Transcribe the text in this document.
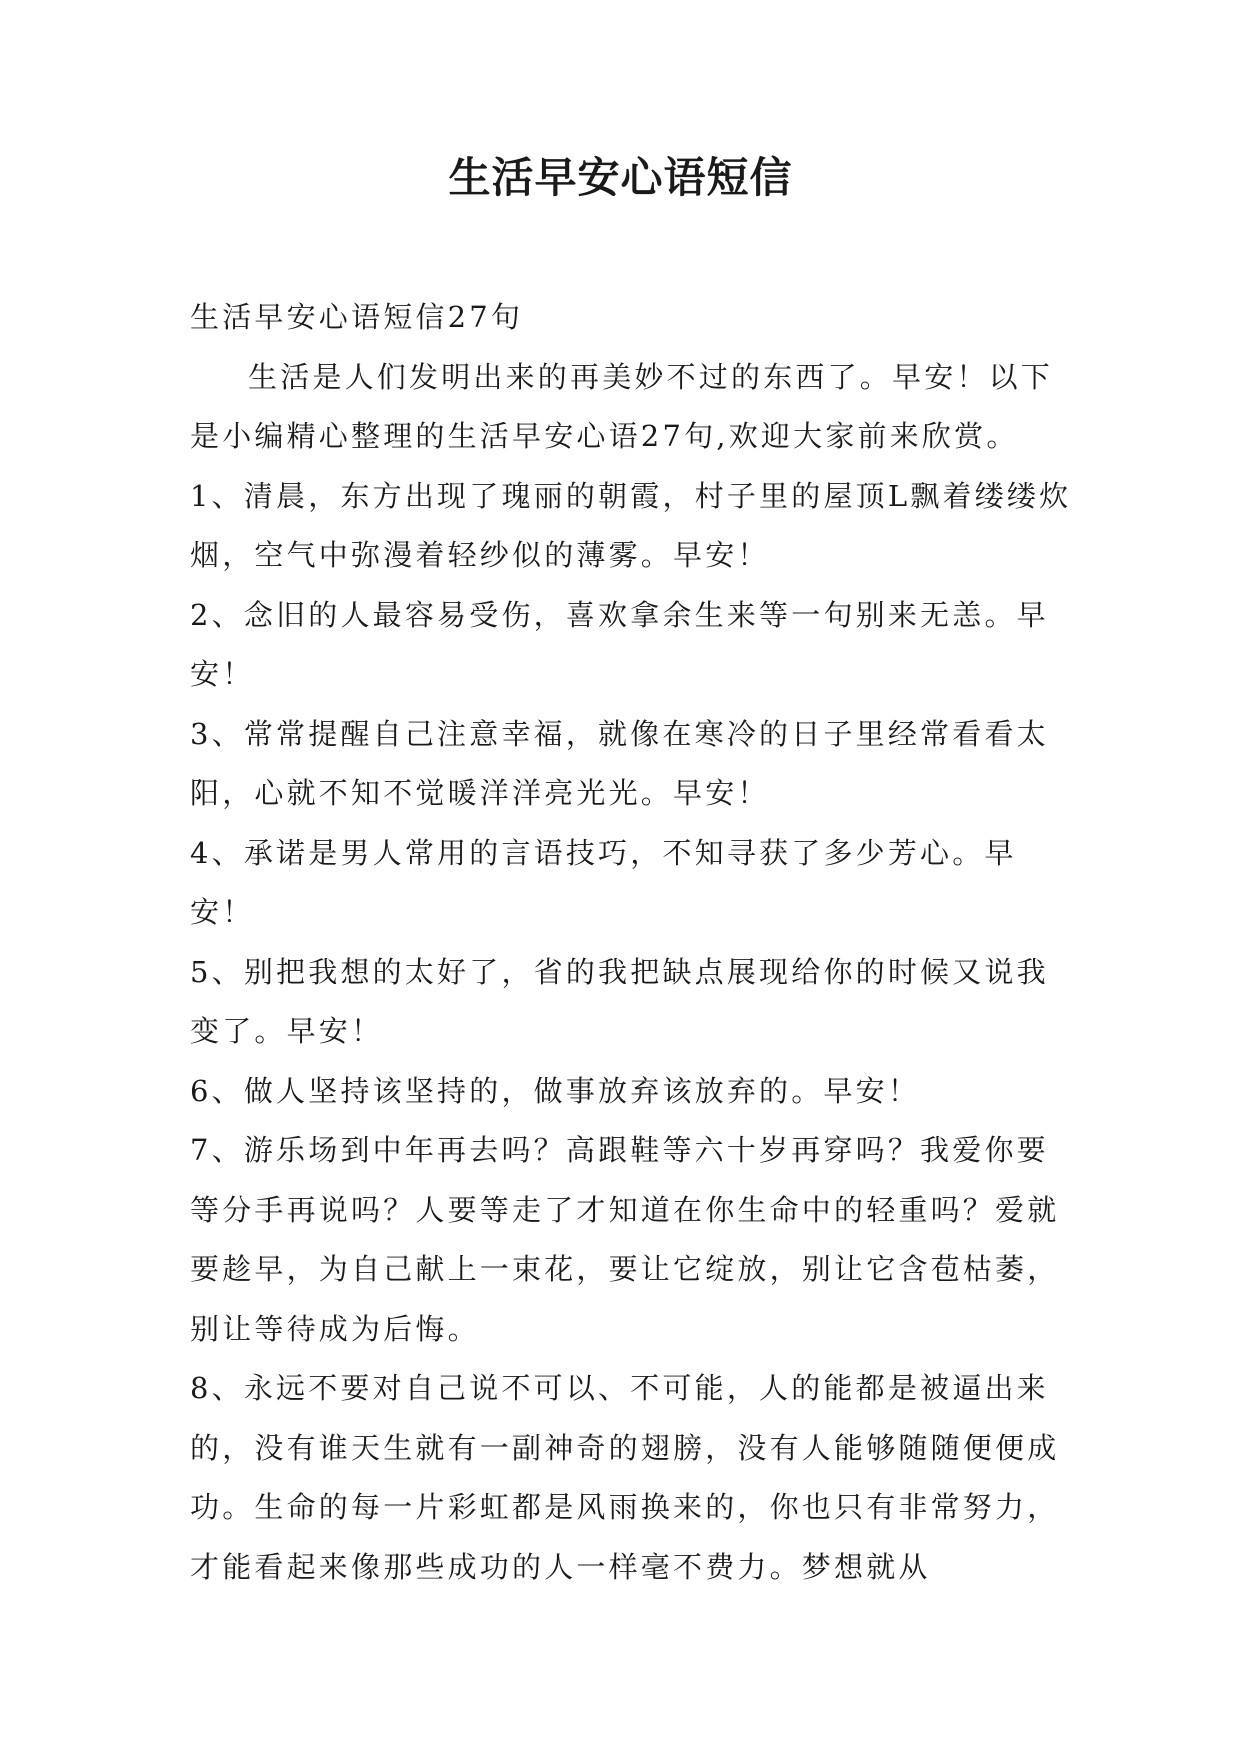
生活早安心语短信

生活早安心语短信27句

生活是人们发明出来的再美妙不过的东西了。早安！以下是小编精心整理的生活早安心语27句,欢迎大家前来欣赏。

1、清晨，东方出现了瑰丽的朝霞，村子里的屋顶L飘着缕缕炊烟，空气中弥漫着轻纱似的薄雾。早安！

2、念旧的人最容易受伤，喜欢拿余生来等一句别来无恙。早安！

3、常常提醒自己注意幸福，就像在寒冷的日子里经常看看太阳，心就不知不觉暖洋洋亮光光。早安！

4、承诺是男人常用的言语技巧，不知寻获了多少芳心。早安！

5、别把我想的太好了，省的我把缺点展现给你的时候又说我变了。早安！

6、做人坚持该坚持的，做事放弃该放弃的。早安！

7、游乐场到中年再去吗？高跟鞋等六十岁再穿吗？我爱你要等分手再说吗？人要等走了才知道在你生命中的轻重吗？爱就要趁早，为自己献上一束花，要让它绽放，别让它含苞枯萎，别让等待成为后悔。

8、永远不要对自己说不可以、不可能，人的能都是被逼出来的，没有谁天生就有一副神奇的翅膀，没有人能够随随便便成功。生命的每一片彩虹都是风雨换来的，你也只有非常努力，才能看起来像那些成功的人一样毫不费力。梦想就从
